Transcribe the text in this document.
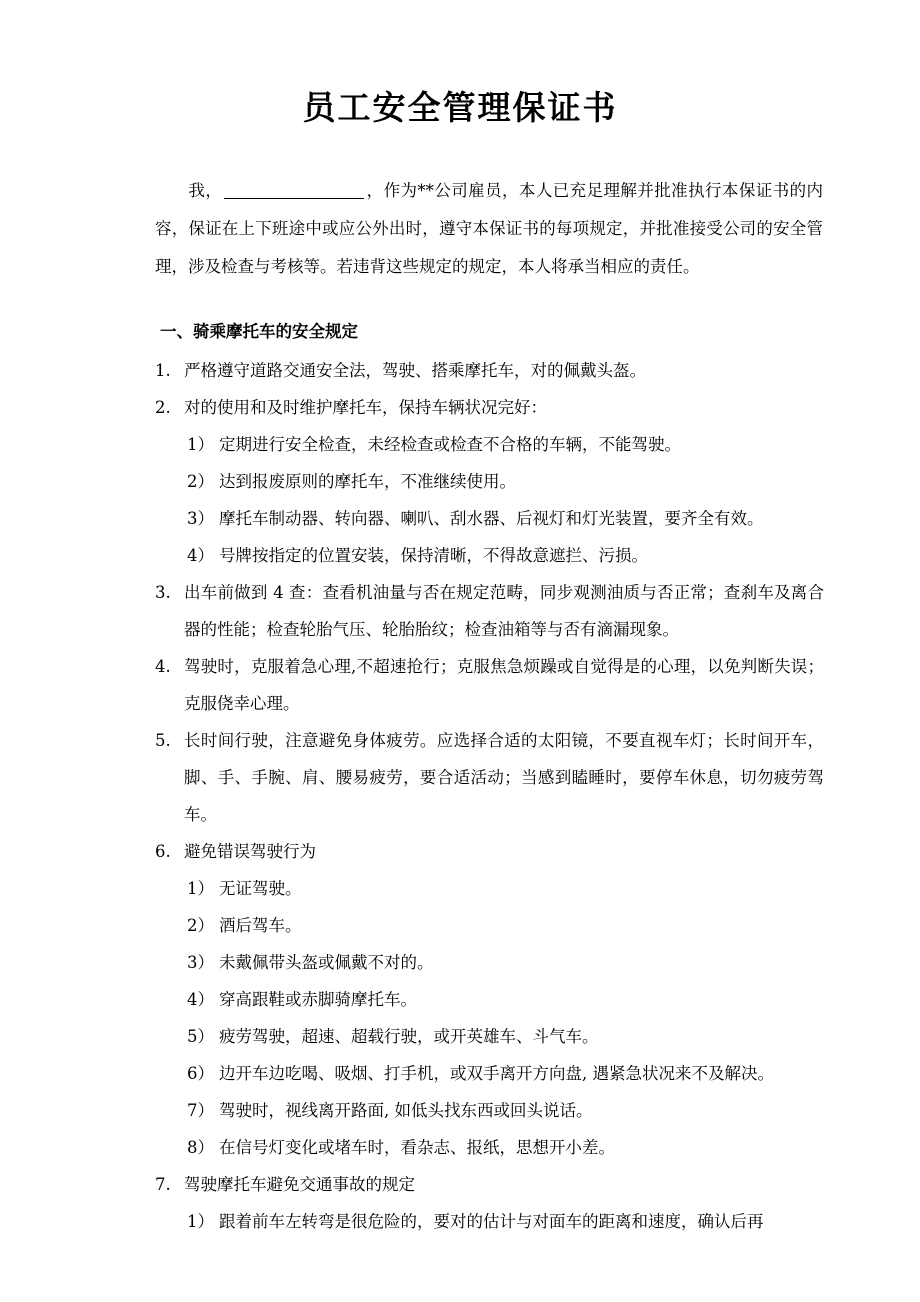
员工安全管理保证书
我，	，作为**公司雇员，本人已充足理解并批准执行本保证书的内容，保证在上下班途中或应公外出时，遵守本保证书的每项规定，并批准接受公司的安全管理，涉及检查与考核等。若违背这些规定的规定，本人将承当相应的责任。
一、骑乘摩托车的安全规定
1. 严格遵守道路交通安全法，驾驶、搭乘摩托车，对的佩戴头盔。
2. 对的使用和及时维护摩托车，保持车辆状况完好：
1） 定期进行安全检查，未经检查或检查不合格的车辆，不能驾驶。
2） 达到报废原则的摩托车，不准继续使用。
3） 摩托车制动器、转向器、喇叭、刮水器、后视灯和灯光装置，要齐全有效。
4） 号牌按指定的位置安装，保持清晰，不得故意遮拦、污损。
3. 出车前做到 4 查：查看机油量与否在规定范畴，同步观测油质与否正常；查刹车及离合器的性能；检查轮胎气压、轮胎胎纹；检查油箱等与否有滴漏现象。
4. 驾驶时，克服着急心理,不超速抢行；克服焦急烦躁或自觉得是的心理，以免判断失误；克服侥幸心理。
5. 长时间行驶，注意避免身体疲劳。应选择合适的太阳镜，不要直视车灯；长时间开车，脚、手、手腕、肩、腰易疲劳，要合适活动；当感到瞌睡时，要停车休息，切勿疲劳驾车。
6. 避免错误驾驶行为
1） 无证驾驶。
2） 酒后驾车。
3） 未戴佩带头盔或佩戴不对的。
4） 穿高跟鞋或赤脚骑摩托车。
5） 疲劳驾驶，超速、超载行驶，或开英雄车、斗气车。
6） 边开车边吃喝、吸烟、打手机，或双手离开方向盘, 遇紧急状况来不及解决。
7） 驾驶时，视线离开路面, 如低头找东西或回头说话。
8） 在信号灯变化或堵车时，看杂志、报纸，思想开小差。
7. 驾驶摩托车避免交通事故的规定
1） 跟着前车左转弯是很危险的，要对的估计与对面车的距离和速度，确认后再
